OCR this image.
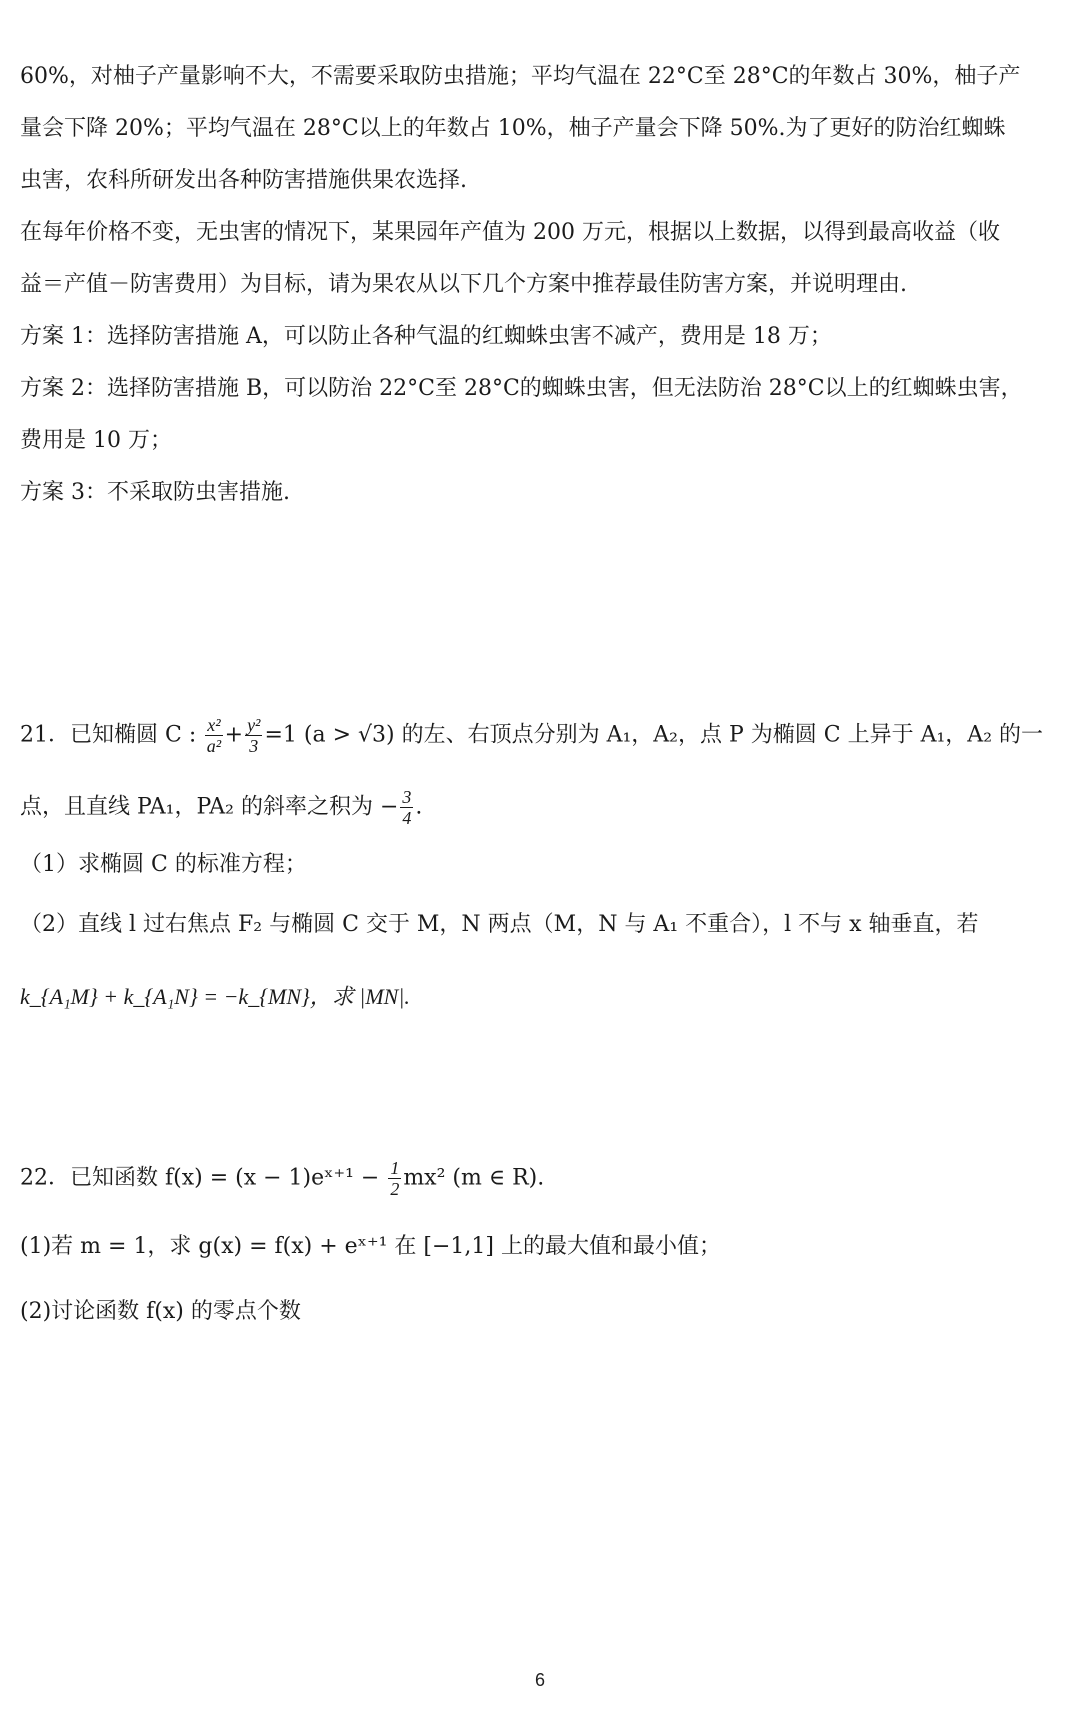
60%，对柚子产量影响不大，不需要采取防虫措施；平均气温在 22°C至 28°C的年数占 30%，柚子产
量会下降 20%；平均气温在 28°C以上的年数占 10%，柚子产量会下降 50%.为了更好的防治红蜘蛛
虫害，农科所研发出各种防害措施供果农选择.
在每年价格不变，无虫害的情况下，某果园年产值为 200 万元，根据以上数据，以得到最高收益（收
益＝产值－防害费用）为目标，请为果农从以下几个方案中推荐最佳防害方案，并说明理由.
方案 1：选择防害措施 A，可以防止各种气温的红蜘蛛虫害不减产，费用是 18 万；
方案 2：选择防害措施 B，可以防治 22°C至 28°C的蜘蛛虫害，但无法防治 28°C以上的红蜘蛛虫害，
费用是 10 万；
方案 3：不采取防虫害措施.
21．已知椭圆 C : $\frac{\text{x²}}{\text{a²}} + \frac{\text{y²}}{3} =1$ (a > √3) 的左、右顶点分别为 A₁，A₂，点 P 为椭圆 C 上异于 A₁，A₂ 的一
点，且直线 PA₁，PA₂ 的斜率之积为 − $\frac{3}{4}$ .
（1）求椭圆 C 的标准方程；
（2）直线 l 过右焦点 F₂ 与椭圆 C 交于 M，N 两点（M，N 与 A₁ 不重合），l 不与 x 轴垂直，若
k_{A₁M} + k_{A₁N} = −k_{MN}，求 |MN|.
22．已知函数 f(x) = (x − 1)eˣ⁺¹ − $\frac{1}{2} mx^2$ (m ∈ R).
(1)若 m = 1，求 g(x) = f(x) + eˣ⁺¹ 在 [−1,1] 上的最大值和最小值；
(2)讨论函数 f(x) 的零点个数
6
